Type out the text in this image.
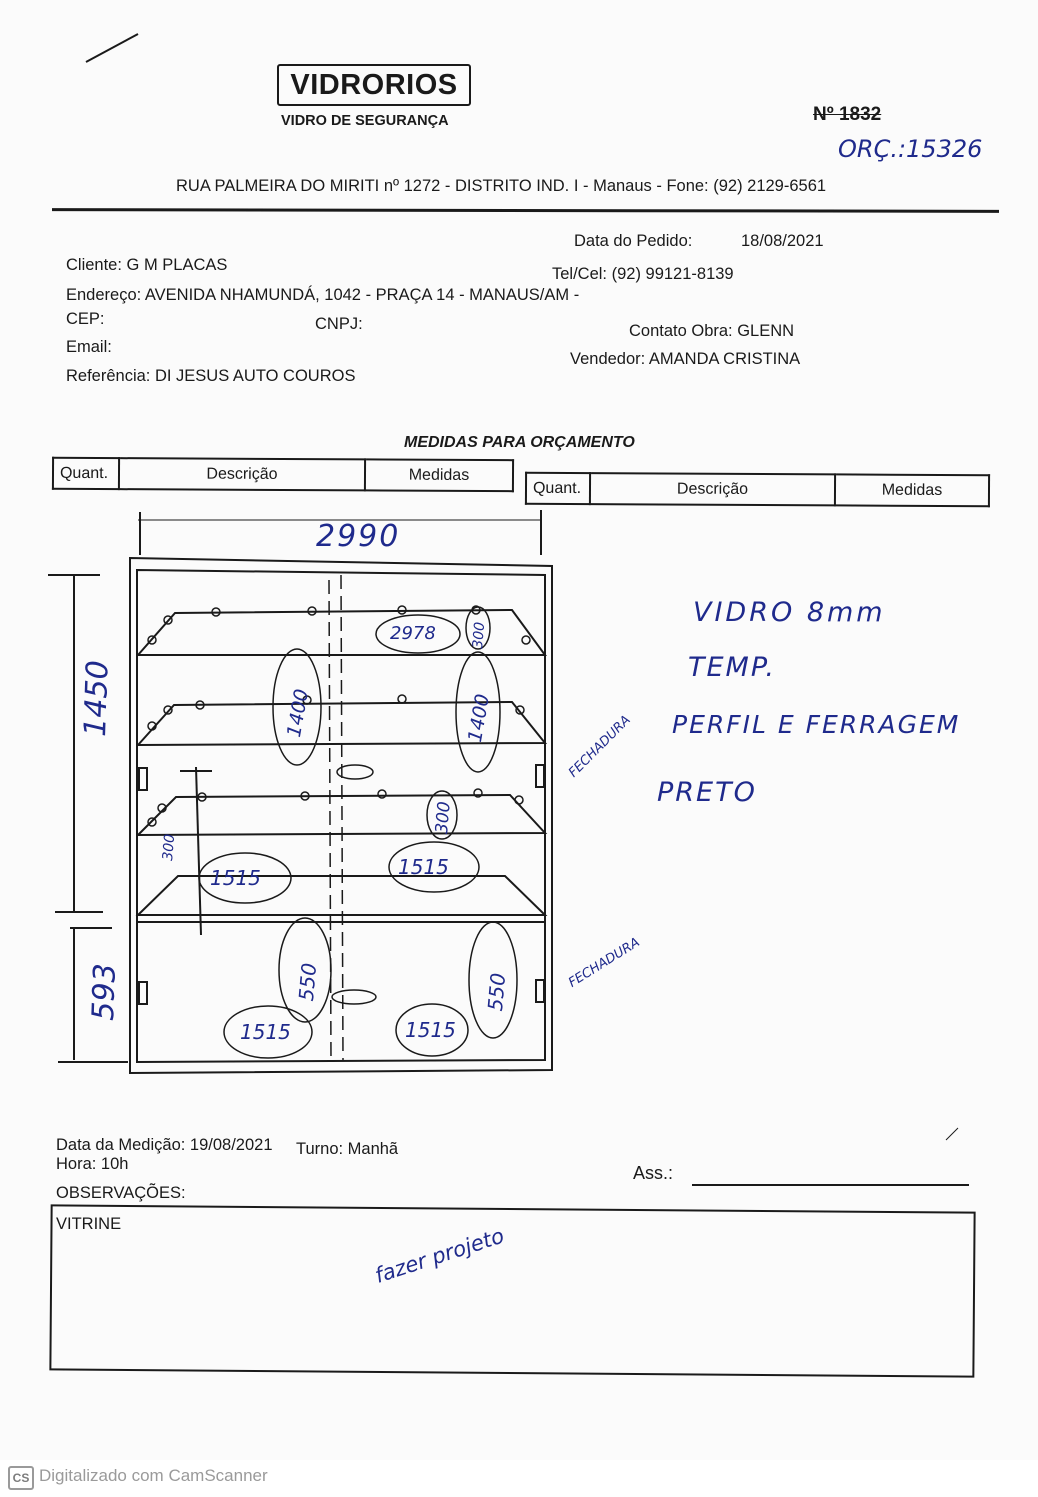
VIDRORIOS
VIDRO DE SEGURANÇA	Nº 1832
ORÇ.:15326
RUA PALMEIRA DO MIRITI nº 1272 - DISTRITO IND. I - Manaus - Fone: (92) 2129-6561
Cliente: G M PLACAS
Endereço: AVENIDA NHAMUNDÁ, 1042 - PRAÇA 14 - MANAUS/AM -
CEP:	CNPJ:
Email:
Referência: DI JESUS AUTO COUROS
Data do Pedido:	18/08/2021
Tel/Cel: (92) 99121-8139
Contato Obra: GLENN
Vendedor: AMANDA CRISTINA
MEDIDAS PARA ORÇAMENTO
Quant.	Descrição	Medidas
Quant.	Descrição	Medidas
2990
1450
593
2978
1400	1400
1515	1515
1515	1515
550	550
300
300
300
FECHADURA
FECHADURA
VIDRO 8mm
TEMP.
PERFIL E FERRAGEM
PRETO
Data da Medição: 19/08/2021 Turno: Manhã
Hora: 10h	Ass.:
OBSERVAÇÕES:
VITRINE	fazer projeto
CS Digitalizado com CamScanner
